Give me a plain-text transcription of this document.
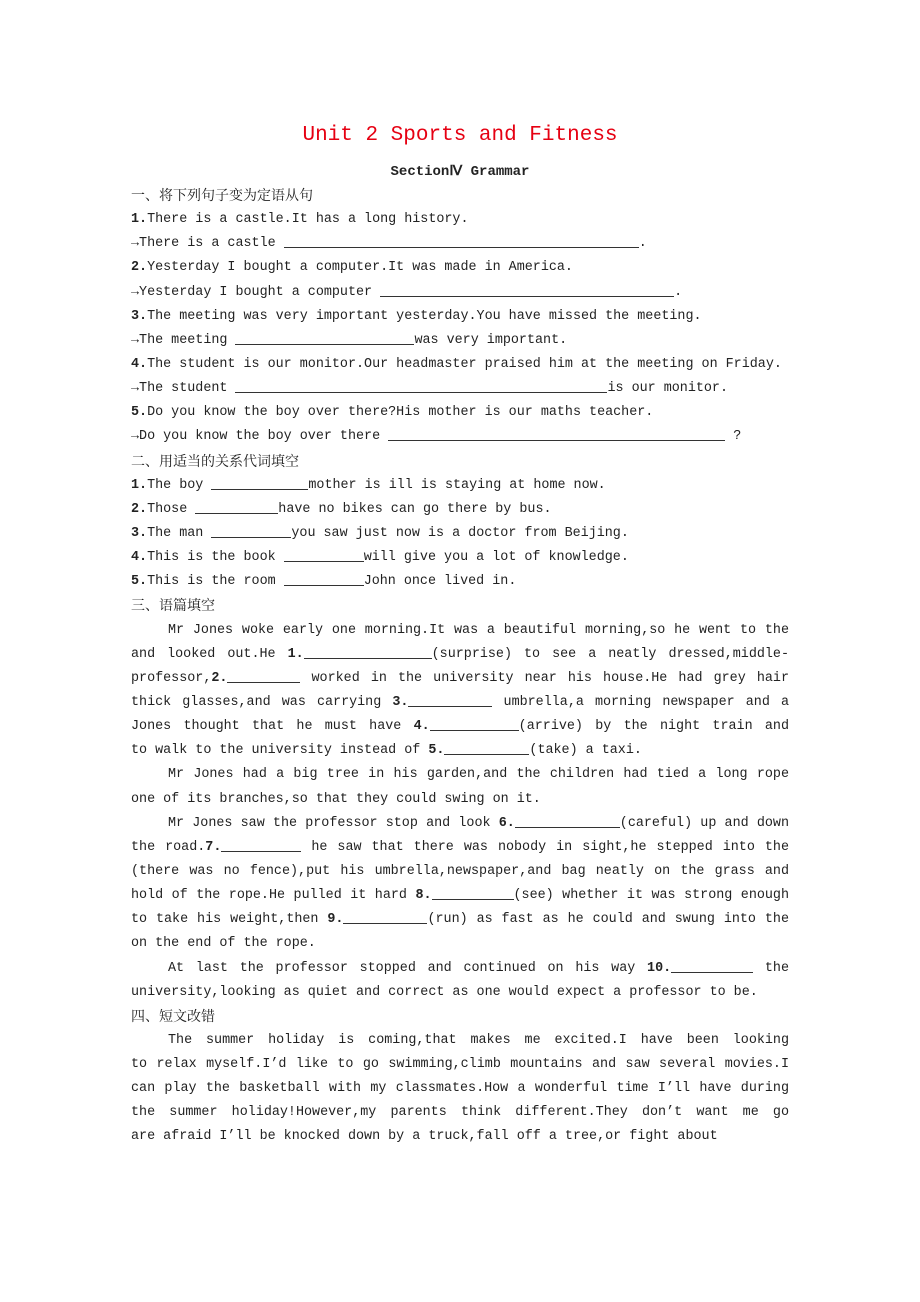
Unit 2 Sports and Fitness
SectionⅣ Grammar
一、将下列句子变为定语从句
1.There is a castle.It has a long history.
→There is a castle	.
2.Yesterday I bought a computer.It was made in America.
→Yesterday I bought a computer	.
3.The meeting was very important yesterday.You have missed the meeting.
→The meeting	was very important.
4.The student is our monitor.Our headmaster praised him at the meeting on Friday.
→The student	is our monitor.
5.Do you know the boy over there?His mother is our maths teacher.
→Do you know the boy over there	?
二、用适当的关系代词填空
1.The boy	mother is ill is staying at home now.
2.Those	have no bikes can go there by bus.
3.The man	you saw just now is a doctor from Beijing.
4.This is the book	will give you a lot of knowledge.
5.This is the room	John once lived in.
三、语篇填空
Mr Jones woke early one morning.It was a beautiful morning,so he went to the
and looked out.He 1.	(surprise) to see a neatly dressed,middle-
professor,2.	worked in the university near his house.He had grey hair
thick glasses,and was carrying 3.	umbrella,a morning newspaper and a
Jones thought that he must have 4.	(arrive) by the night train and
to walk to the university instead of 5.	(take) a taxi.
Mr Jones had a big tree in his garden,and the children had tied a long rope
one of its branches,so that they could swing on it.
Mr Jones saw the professor stop and look 6.	(careful) up and down
the road.7.	he saw that there was nobody in sight,he stepped into the
(there was no fence),put his umbrella,newspaper,and bag neatly on the grass and
hold of the rope.He pulled it hard 8.	(see) whether it was strong enough
to take his weight,then 9.	(run) as fast as he could and swung into the
on the end of the rope.
At last the professor stopped and continued on his way 10.	the
university,looking as quiet and correct as one would expect a professor to be.
四、短文改错
The summer holiday is coming,that makes me excited.I have been looking
to relax myself.I’d like to go swimming,climb mountains and saw several movies.I
can play the basketball with my classmates.How a wonderful time I’ll have during
the summer holiday!However,my parents think different.They don’t want me go
are afraid I’ll be knocked down by a truck,fall off a tree,or fight about
